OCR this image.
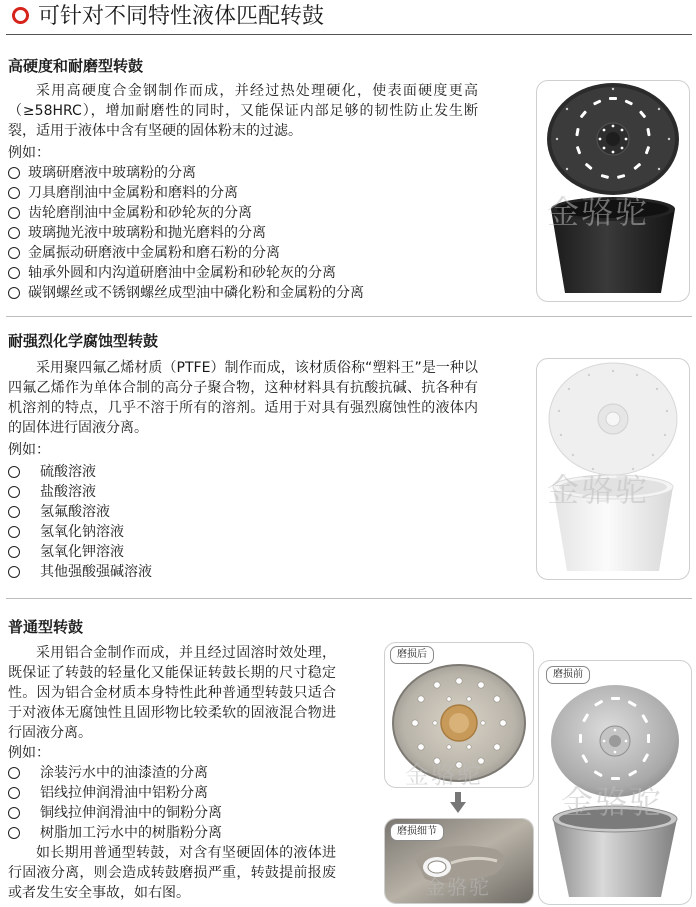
可针对不同特性液体匹配转鼓
高硬度和耐磨型转鼓

采用高硬度合金钢制作而成，并经过热处理硬化，使表面硬度更高（≥58HRC），增加耐磨性的同时，又能保证内部足够的韧性防止发生断裂，适用于液体中含有坚硬的固体粉末的过滤。

例如：
玻璃研磨液中玻璃粉的分离
刀具磨削油中金属粉和磨料的分离
齿轮磨削油中金属粉和砂轮灰的分离
玻璃抛光液中玻璃粉和抛光磨料的分离
金属振动研磨液中金属粉和磨石粉的分离
轴承外圆和内沟道研磨油中金属粉和砂轮灰的分离
碳钢螺丝或不锈钢螺丝成型油中磷化粉和金属粉的分离
金骆驼
耐强烈化学腐蚀型转鼓

采用聚四氟乙烯材质（PTFE）制作而成，该材质俗称“塑料王”是一种以四氟乙烯作为单体合制的高分子聚合物，这种材料具有抗酸抗碱、抗各种有机溶剂的特点，几乎不溶于所有的溶剂。适用于对具有强烈腐蚀性的液体内的固体进行固液分离。

例如：
硫酸溶液
盐酸溶液
氢氟酸溶液
氢氧化钠溶液
氢氧化钾溶液
其他强酸强碱溶液
金骆驼
普通型转鼓

采用铝合金制作而成，并且经过固溶时效处理，既保证了转鼓的轻量化又能保证转鼓长期的尺寸稳定性。因为铝合金材质本身特性此种普通型转鼓只适合于对液体无腐蚀性且固形物比较柔软的固液混合物进行固液分离。

例如：
涂装污水中的油漆渣的分离
铝线拉伸润滑油中铝粉分离
铜线拉伸润滑油中的铜粉分离
树脂加工污水中的树脂粉分离

如长期用普通型转鼓，对含有坚硬固体的液体进行固液分离，则会造成转鼓磨损严重，转鼓提前报废或者发生安全事故，如右图。

金骆驼
磨损后
金骆驼
磨损细节
金骆驼
磨损前
